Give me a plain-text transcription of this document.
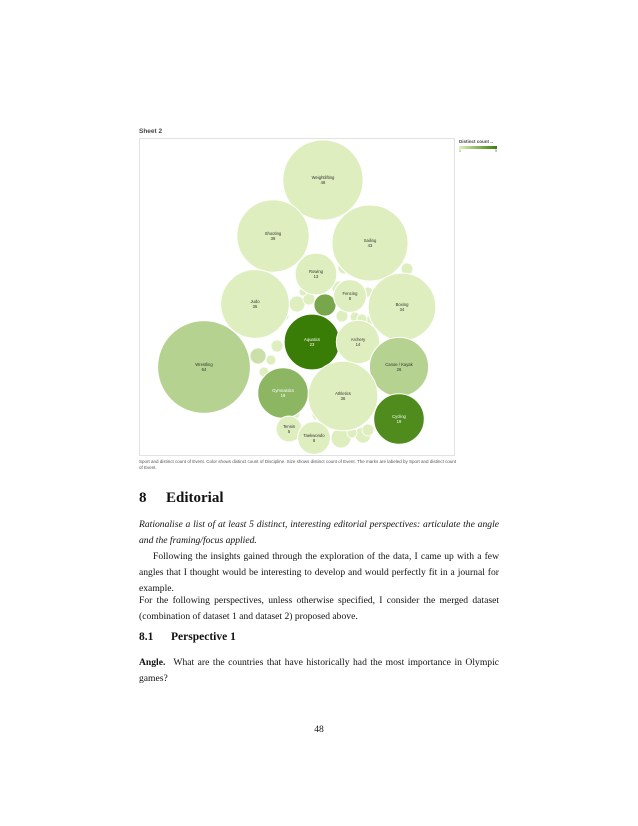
Sheet 2
Weightlifting
48
Shooting
39	Sailing
43
Rowing
13
Fencing
8
Judo
35	Boxing
34
Aquatics
23
Archery
14
Wrestling
64
Canoe / Kayak
26
Gymnastics
19	Athletics
36
Cycling
19
Tennis
5
Taekwondo
8
Distinct count ..
1	9
Sport and distinct count of Event. Color shows distinct count of Discipline. Size shows distinct count of Event. The marks are labeled by Sport and distinct count of Event.
8 Editorial
Rationalise a list of at least 5 distinct, interesting editorial perspectives: articulate the angle and the framing/focus applied.
Following the insights gained through the exploration of the data, I came up with a few angles that I thought would be interesting to develop and would perfectly fit in a journal for example.
For the following perspectives, unless otherwise specified, I consider the merged dataset (combination of dataset 1 and dataset 2) proposed above.
8.1 Perspective 1
Angle. What are the countries that have historically had the most importance in Olympic games?
48
